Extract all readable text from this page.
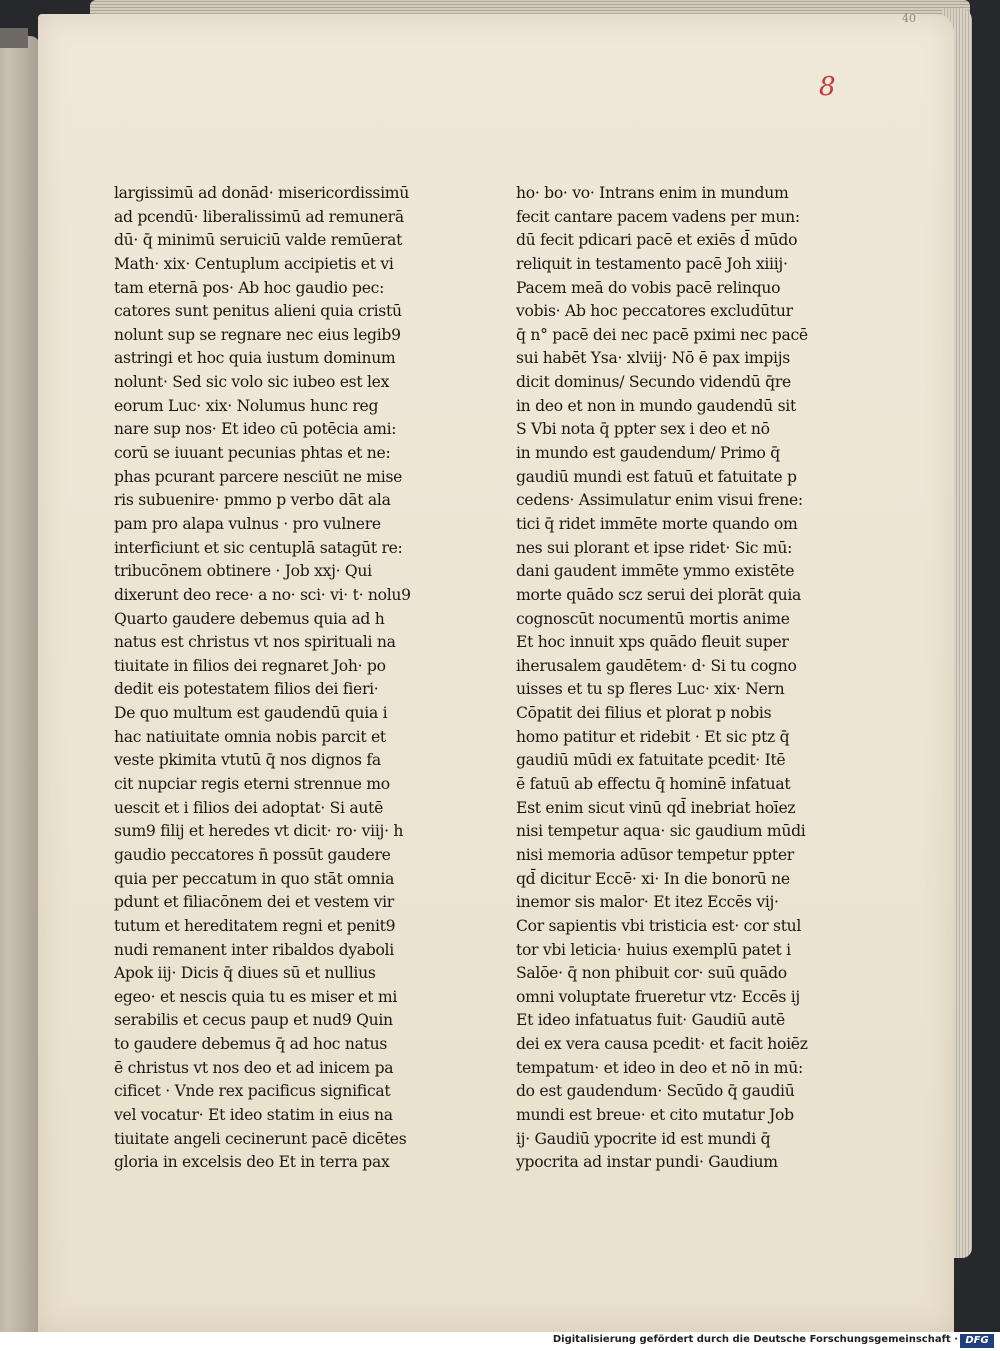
40
8
largissimū ad donād· misericordissimū
ad pcendū· liberalissimū ad remunerā
dū· q̄ minimū seruiciū valde remūerat
Math· xix· Centuplum accipietis et vi
tam eternā pos· Ab hoc gaudio pec:
catores sunt penitus alieni quia cristū
nolunt sup se regnare nec eius legib9
astringi et hoc quia iustum dominum
nolunt· Sed sic volo sic iubeo est lex
eorum Luc· xix· Nolumus hunc reg
nare sup nos· Et ideo cū potēcia ami:
corū se iuuant pecunias phtas et ne:
phas pcurant parcere nesciūt ne mise
ris subuenire· pmmo p verbo dāt ala
pam pro alapa vulnus · pro vulnere
interficiunt et sic centuplā satagūt re:
tribucōnem obtinere · Job xxj· Qui
dixerunt deo rece· a no· sci· vi· t· nolu9
Quarto gaudere debemus quia ad h
natus est christus vt nos spirituali na
tiuitate in filios dei regnaret Joh· po
dedit eis potestatem filios dei fieri·
De quo multum est gaudendū quia i
hac natiuitate omnia nobis parcit et
veste pkimita vtutū q̄ nos dignos fa
cit nupciar regis eterni strennue mo
uescit et i filios dei adoptat· Si autē
sum9 filij et heredes vt dicit· ro· viij· h
gaudio peccatores n̄ possūt gaudere
quia per peccatum in quo stāt omnia
pdunt et filiacōnem dei et vestem vir
tutum et hereditatem regni et penit9
nudi remanent inter ribaldos dyaboli
Apok iij· Dicis q̄ diues sū et nullius
egeo· et nescis quia tu es miser et mi
serabilis et cecus paup et nud9 Quin
to gaudere debemus q̄ ad hoc natus
ē christus vt nos deo et ad inicem pa
cificet · Vnde rex pacificus significat
vel vocatur· Et ideo statim in eius na
tiuitate angeli cecinerunt pacē dicētes
gloria in excelsis deo Et in terra pax
ho· bo· vo· Intrans enim in mundum
fecit cantare pacem vadens per mun:
dū fecit pdicari pacē et exiēs d̄ mūdo
reliquit in testamento pacē Joh xiiij·
Pacem meā do vobis pacē relinquo
vobis· Ab hoc peccatores excludūtur
q̄ n° pacē dei nec pacē pximi nec pacē
sui habēt Ysa· xlviij· Nō ē pax impijs
dicit dominus/ Secundo videndū q̄re
in deo et non in mundo gaudendū sit
S Vbi nota q̄ ppter sex i deo et nō
in mundo est gaudendum/ Primo q̄
gaudiū mundi est fatuū et fatuitate p
cedens· Assimulatur enim visui frene:
tici q̄ ridet immēte morte quando om
nes sui plorant et ipse ridet· Sic mū:
dani gaudent immēte ymmo existēte
morte quādo scz serui dei plorāt quia
cognoscūt nocumentū mortis anime
Et hoc innuit xps quādo fleuit super
iherusalem gaudētem· d· Si tu cogno
uisses et tu sp fleres Luc· xix· Nern
Cōpatit dei filius et plorat p nobis
homo patitur et ridebit · Et sic ptz q̄
gaudiū mūdi ex fatuitate pcedit· Itē
ē fatuū ab effectu q̄ hominē infatuat
Est enim sicut vinū qd̄ inebriat hoīez
nisi tempetur aqua· sic gaudium mūdi
nisi memoria adūsor tempetur ppter
qd̄ dicitur Eccē· xi· In die bonorū ne
inemor sis malor· Et itez Eccēs vij·
Cor sapientis vbi tristicia est· cor stul
tor vbi leticia· huius exemplū patet i
Salōe· q̄ non phibuit cor· suū quādo
omni voluptate frueretur vtz· Eccēs ij
Et ideo infatuatus fuit· Gaudiū autē
dei ex vera causa pcedit· et facit hoiēz
tempatum· et ideo in deo et nō in mū:
do est gaudendum· Secūdo q̄ gaudiū
mundi est breue· et cito mutatur Job
ij· Gaudiū ypocrite id est mundi q̄
ypocrita ad instar pundi· Gaudium
Digitalisierung gefördert durch die Deutsche Forschungsgemeinschaft · DFG
